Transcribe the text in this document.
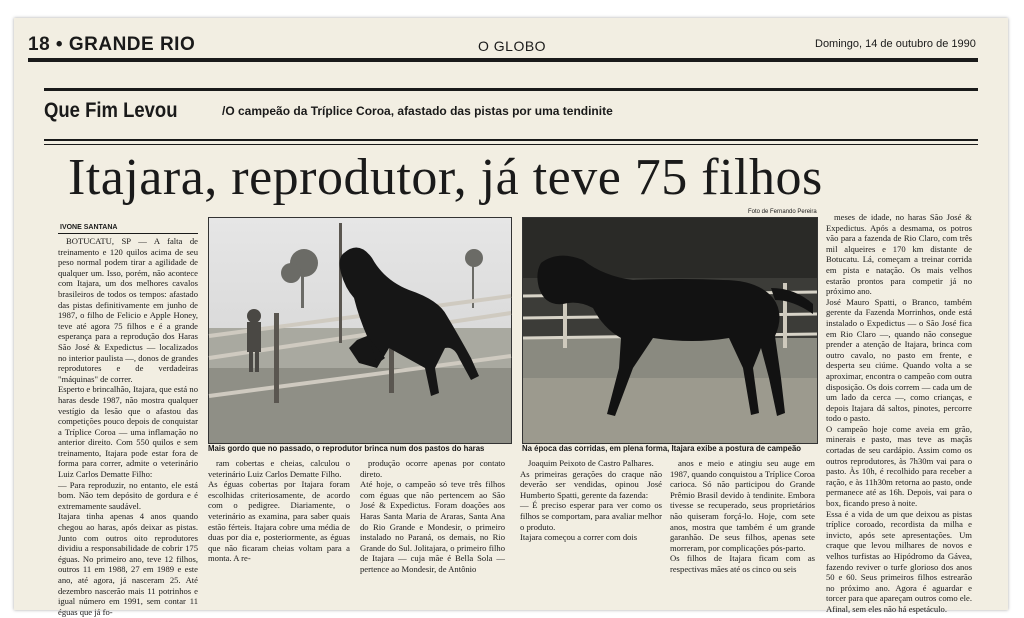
18 • GRANDE RIO	O GLOBO	Domingo, 14 de outubro de 1990
Que Fim Levou	/O campeão da Tríplice Coroa, afastado das pistas por uma tendinite
Itajara, reprodutor, já teve 75 filhos
IVONE SANTANA
Foto de Fernando Pereira

BOTUCATU, SP — A falta de treinamento e 120 quilos acima de seu peso normal podem tirar a agilidade de qualquer um. Isso, porém, não acontece com Itajara, um dos melhores cavalos brasileiros de todos os tempos: afastado das pistas definitivamente em junho de 1987, o filho de Felicio e Apple Honey, teve até agora 75 filhos e é a grande esperança para a reprodução dos Haras São José & Expedictus — localizados no interior paulista —, donos de grandes reprodutores e de verdadeiras "máquinas" de correr.
Esperto e brincalhão, Itajara, que está no haras desde 1987, não mostra qualquer vestígio da lesão que o afastou das competições pouco depois de conquistar a Tríplice Coroa — uma inflamação no anterior direito. Com 550 quilos e sem treinamento, Itajara pode estar fora de forma para correr, admite o veterinário Luiz Carlos Dematte Filho:
— Para reproduzir, no entanto, ele está bom. Não tem depósito de gordura e é extremamente saudável.
Itajara tinha apenas 4 anos quando chegou ao haras, após deixar as pistas. Junto com outros oito reprodutores dividiu a responsabilidade de cobrir 175 éguas. No primeiro ano, teve 12 filhos, outros 11 em 1988, 27 em 1989 e este ano, até agora, já nasceram 25. Até dezembro nascerão mais 11 potrinhos e igual número em 1991, sem contar 11 éguas que já fo-

Mais gordo que no passado, o reprodutor brinca num dos pastos do haras	Na época das corridas, em plena forma, Itajara exibe a postura de campeão

ram cobertas e cheias, calculou o veterinário Luiz Carlos Dematte Filho.
As éguas cobertas por Itajara foram escolhidas criteriosamente, de acordo com o pedigree. Diariamente, o veterinário as examina, para saber quais estão férteis. Itajara cobre uma média de duas por dia e, posteriormente, as éguas que não ficaram cheias voltam para a monta. A re-

produção ocorre apenas por contato direto.
Até hoje, o campeão só teve três filhos com éguas que não pertencem ao São José & Expedictus. Foram doações aos Haras Santa Maria de Araras, Santa Ana do Rio Grande e Mondesir, o primeiro instalado no Paraná, os demais, no Rio Grande do Sul. Jolitajara, o primeiro filho de Itajara — cuja mãe é Bella Sola — pertence ao Mondesir, de Antônio

Joaquim Peixoto de Castro Palhares.
As primeiras gerações do craque não deverão ser vendidas, opinou José Humberto Spatti, gerente da fazenda:
— É preciso esperar para ver como os filhos se comportam, para avaliar melhor o produto.
Itajara começou a correr com dois

anos e meio e atingiu seu auge em 1987, quando conquistou a Tríplice Coroa carioca. Só não participou do Grande Prêmio Brasil devido à tendinite. Embora tivesse se recuperado, seus proprietários não quiseram forçá-lo. Hoje, com sete anos, mostra que também é um grande garanhão. De seus filhos, apenas sete morreram, por complicações pós-parto.
Os filhos de Itajara ficam com as respectivas mães até os cinco ou seis

meses de idade, no haras São José & Expedictus. Após a desmama, os potros vão para a fazenda de Rio Claro, com três mil alqueires e 170 km distante de Botucatu. Lá, começam a treinar corrida em pista e natação. Os mais velhos estarão prontos para competir já no próximo ano.
José Mauro Spatti, o Branco, também gerente da Fazenda Morrinhos, onde está instalado o Expedictus — o São José fica em Rio Claro —, quando não consegue prender a atenção de Itajara, brinca com outro cavalo, no pasto em frente, e desperta seu ciúme. Quando volta a se aproximar, encontra o campeão com outra disposição. Os dois correm — cada um de um lado da cerca —, como crianças, e depois Itajara dá saltos, pinotes, percorre todo o pasto.
O campeão hoje come aveia em grão, minerais e pasto, mas teve as maçãs cortadas de seu cardápio. Assim como os outros reprodutores, às 7h30m vai para o pasto. Às 10h, é recolhido para receber a ração, e às 11h30m retorna ao pasto, onde permanece até as 16h. Depois, vai para o box, ficando preso à noite.
Essa é a vida de um que deixou as pistas tríplice coroado, recordista da milha e invicto, após sete apresentações. Um craque que levou milhares de novos e velhos turfistas ao Hipódromo da Gávea, fazendo reviver o turfe glorioso dos anos 50 e 60. Seus primeiros filhos estrearão no próximo ano. Agora é aguardar e torcer para que apareçam outros como ele. Afinal, sem eles não há espetáculo.
